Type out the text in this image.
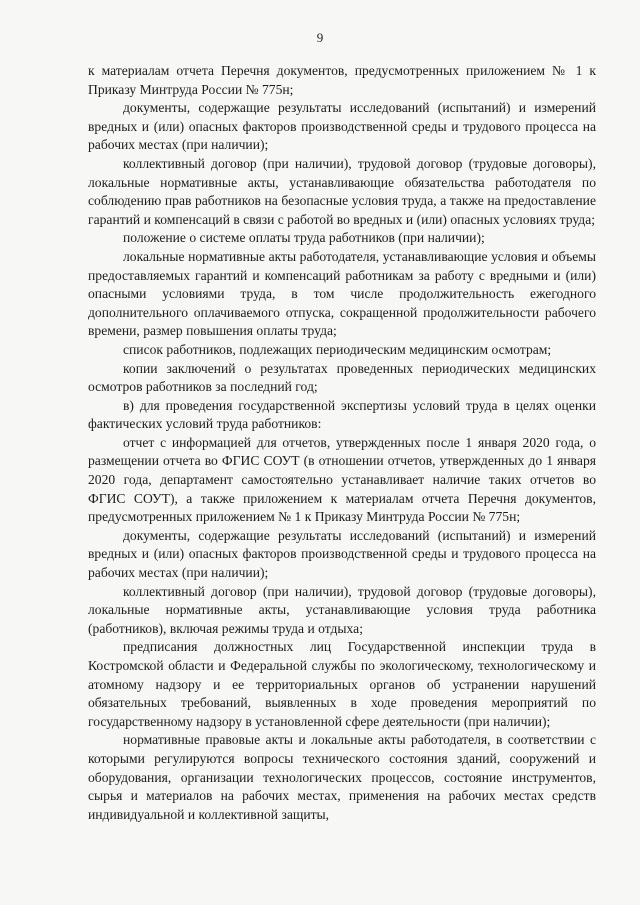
9

к материалам отчета Перечня документов, предусмотренных приложением № 1 к Приказу Минтруда России № 775н;

документы, содержащие результаты исследований (испытаний) и измерений вредных и (или) опасных факторов производственной среды и трудового процесса на рабочих местах (при наличии);

коллективный договор (при наличии), трудовой договор (трудовые договоры), локальные нормативные акты, устанавливающие обязательства работодателя по соблюдению прав работников на безопасные условия труда, а также на предоставление гарантий и компенсаций в связи с работой во вредных и (или) опасных условиях труда;

положение о системе оплаты труда работников (при наличии);

локальные нормативные акты работодателя, устанавливающие условия и объемы предоставляемых гарантий и компенсаций работникам за работу с вредными и (или) опасными условиями труда, в том числе продолжительность ежегодного дополнительного оплачиваемого отпуска, сокращенной продолжительности рабочего времени, размер повышения оплаты труда;

список работников, подлежащих периодическим медицинским осмотрам;

копии заключений о результатах проведенных периодических медицинских осмотров работников за последний год;

в) для проведения государственной экспертизы условий труда в целях оценки фактических условий труда работников:

отчет с информацией для отчетов, утвержденных после 1 января 2020 года, о размещении отчета во ФГИС СОУТ (в отношении отчетов, утвержденных до 1 января 2020 года, департамент самостоятельно устанавливает наличие таких отчетов во ФГИС СОУТ), а также приложением к материалам отчета Перечня документов, предусмотренных приложением № 1 к Приказу Минтруда России № 775н;

документы, содержащие результаты исследований (испытаний) и измерений вредных и (или) опасных факторов производственной среды и трудового процесса на рабочих местах (при наличии);

коллективный договор (при наличии), трудовой договор (трудовые договоры), локальные нормативные акты, устанавливающие условия труда работника (работников), включая режимы труда и отдыха;

предписания должностных лиц Государственной инспекции труда в Костромской области и Федеральной службы по экологическому, технологическому и атомному надзору и ее территориальных органов об устранении нарушений обязательных требований, выявленных в ходе проведения мероприятий по государственному надзору в установленной сфере деятельности (при наличии);

нормативные правовые акты и локальные акты работодателя, в соответствии с которыми регулируются вопросы технического состояния зданий, сооружений и оборудования, организации технологических процессов, состояние инструментов, сырья и материалов на рабочих местах, применения на рабочих местах средств индивидуальной и коллективной защиты,
